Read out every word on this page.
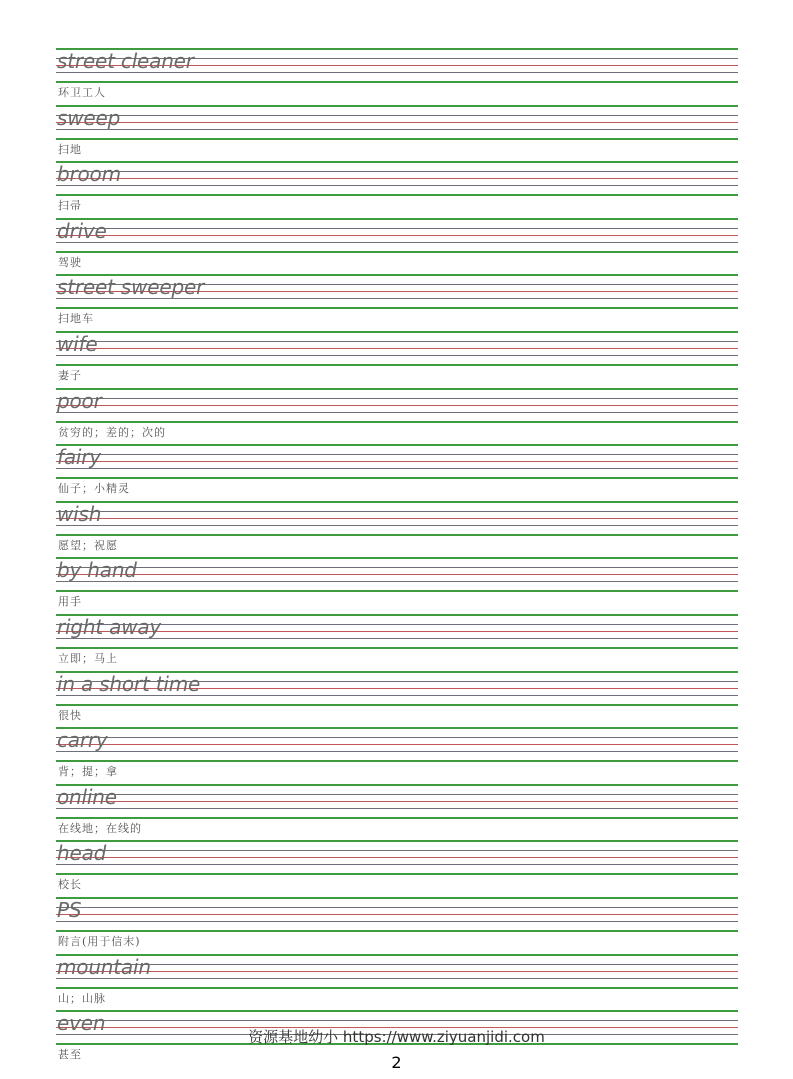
street cleaner
环卫工人
sweep
扫地
broom
扫帚
drive
驾驶
street sweeper
扫地车
wife
妻子
poor
贫穷的；差的；次的
fairy
仙子；小精灵
wish
愿望；祝愿
by hand
用手
right away
立即；马上
in a short time
很快
carry
背；提；拿
online
在线地；在线的
head
校长
PS
附言(用于信末)
mountain
山；山脉
even
甚至
资源基地幼小 https://www.ziyuanjidi.com
2
